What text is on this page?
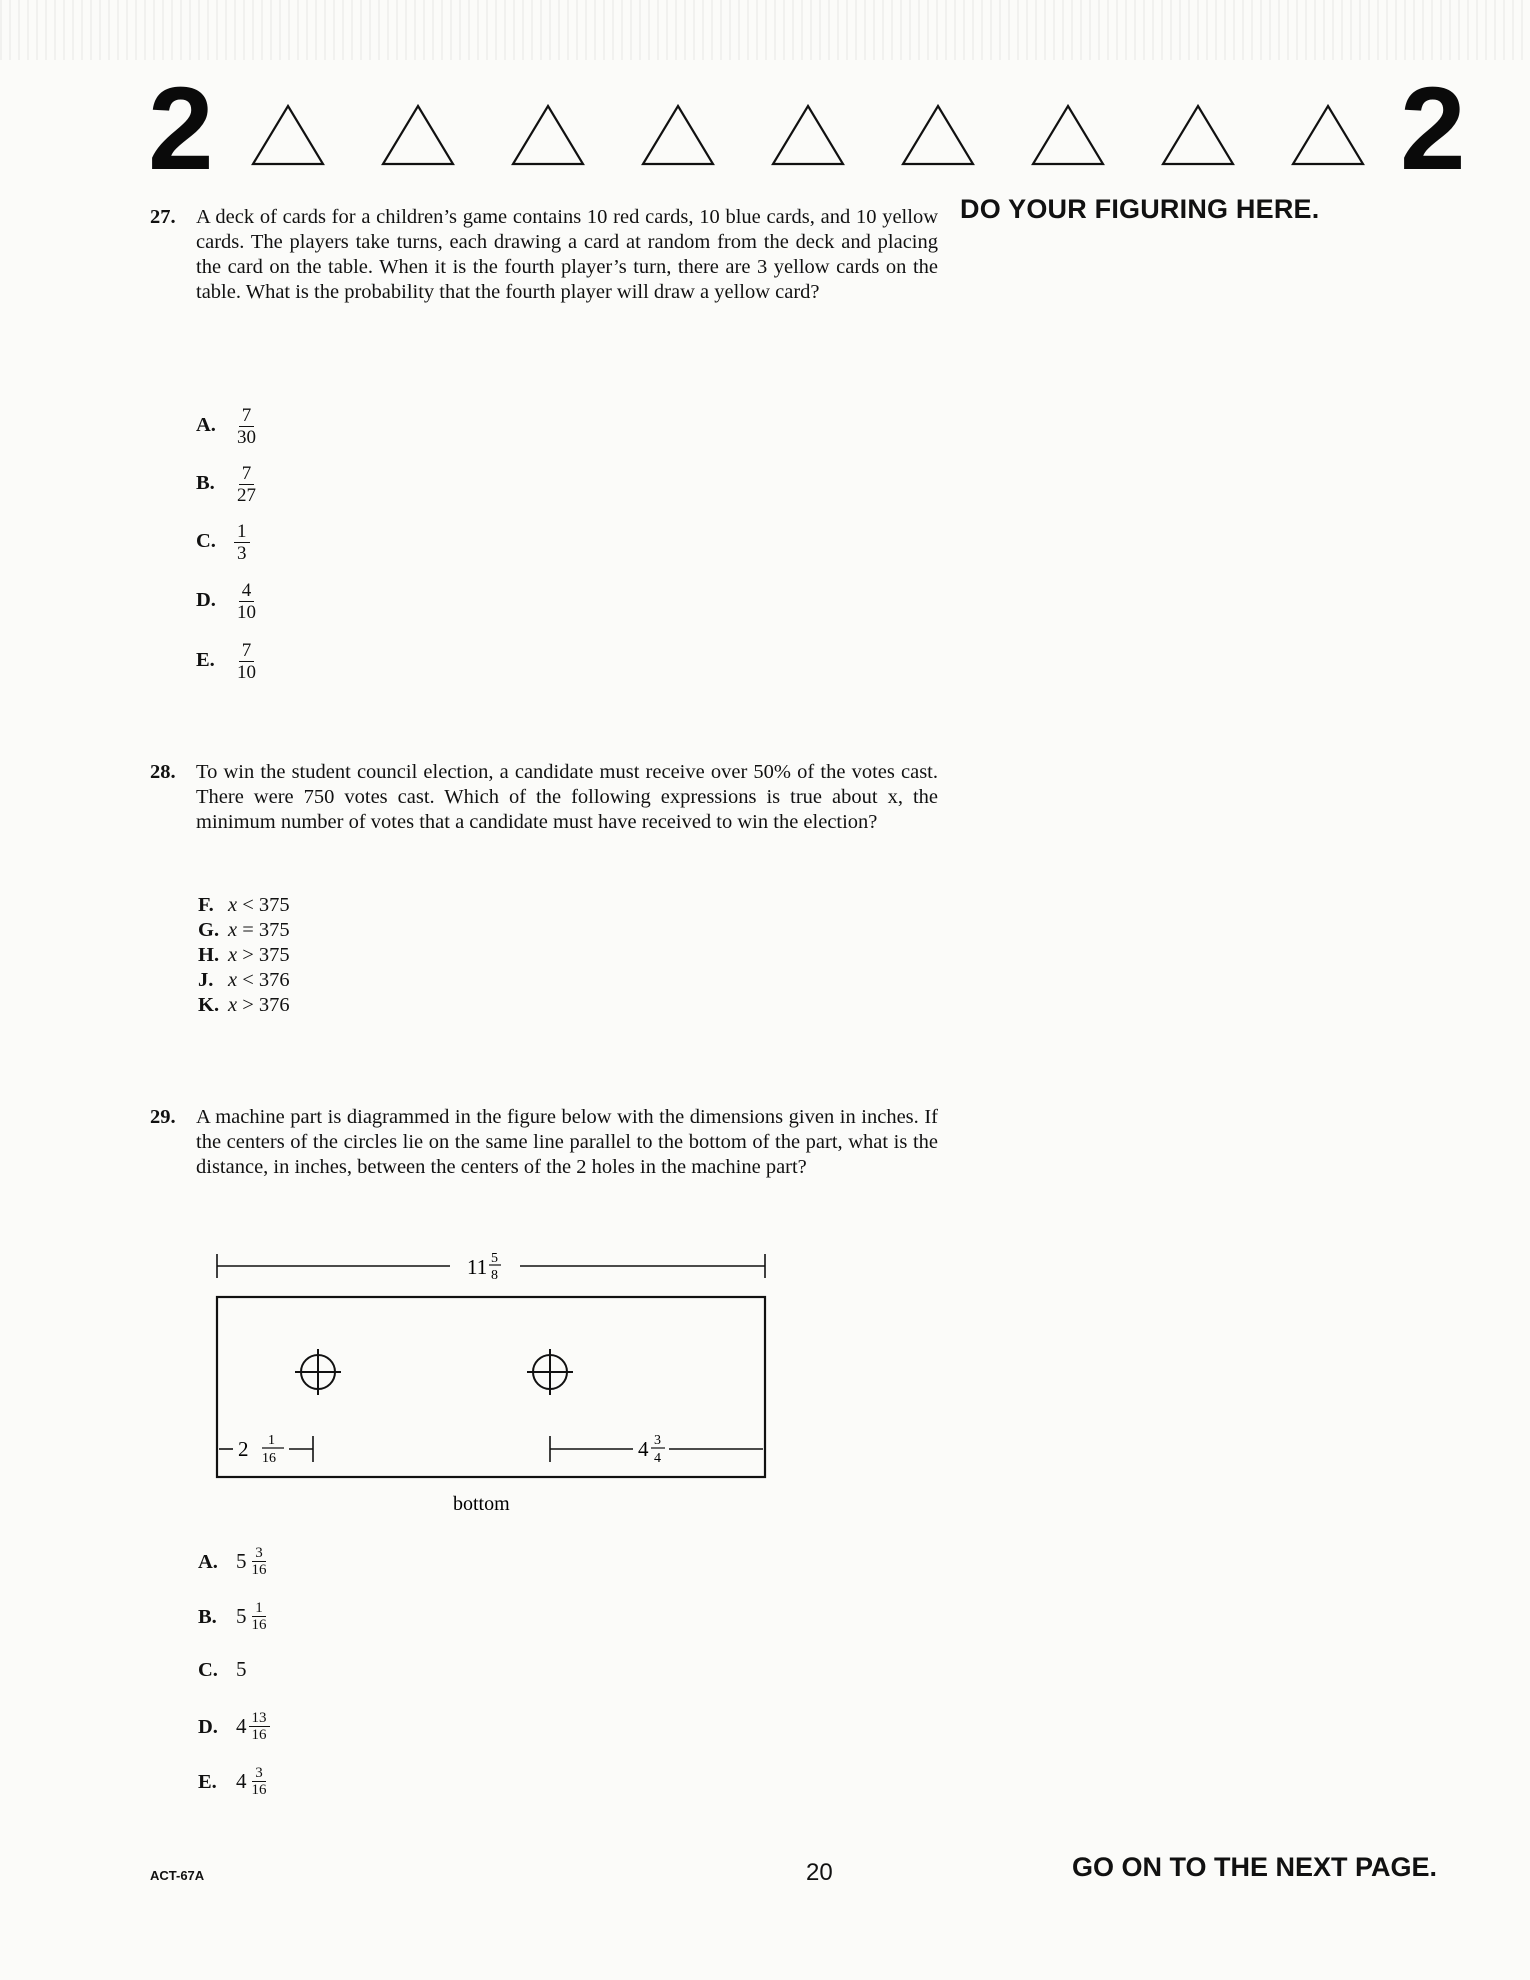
2	2
DO YOUR FIGURING HERE.
27. A deck of cards for a children’s game contains 10 red cards, 10 blue cards, and 10 yellow cards. The players take turns, each drawing a card at random from the deck and placing the card on the table. When it is the fourth player’s turn, there are 3 yellow cards on the table. What is the probability that the fourth player will draw a yellow card?
A. $\frac{7}{30}$
B. $\frac{7}{27}$
C. $\frac{1}{3}$
D. $\frac{4}{10}$
E. $\frac{7}{10}$
28. To win the student council election, a candidate must receive over 50% of the votes cast. There were 750 votes cast. Which of the following expressions is true about x, the minimum number of votes that a candidate must have received to win the election?
F. x < 375
G. x = 375
H. x > 375
J. x < 376
K. x > 376
29. A machine part is diagrammed in the figure below with the dimensions given in inches. If the centers of the circles lie on the same line parallel to the bottom of the part, what is the distance, in inches, between the centers of the 2 holes in the machine part?
11 5
8
2 1
16	4 3
4
bottom
A. $5 \frac{3}{16}$
B. $5 \frac{1}{16}$
C. 5
D. $4 \frac{13}{16}$
E. $4 \frac{3}{16}$
ACT-67A	20	GO ON TO THE NEXT PAGE.
